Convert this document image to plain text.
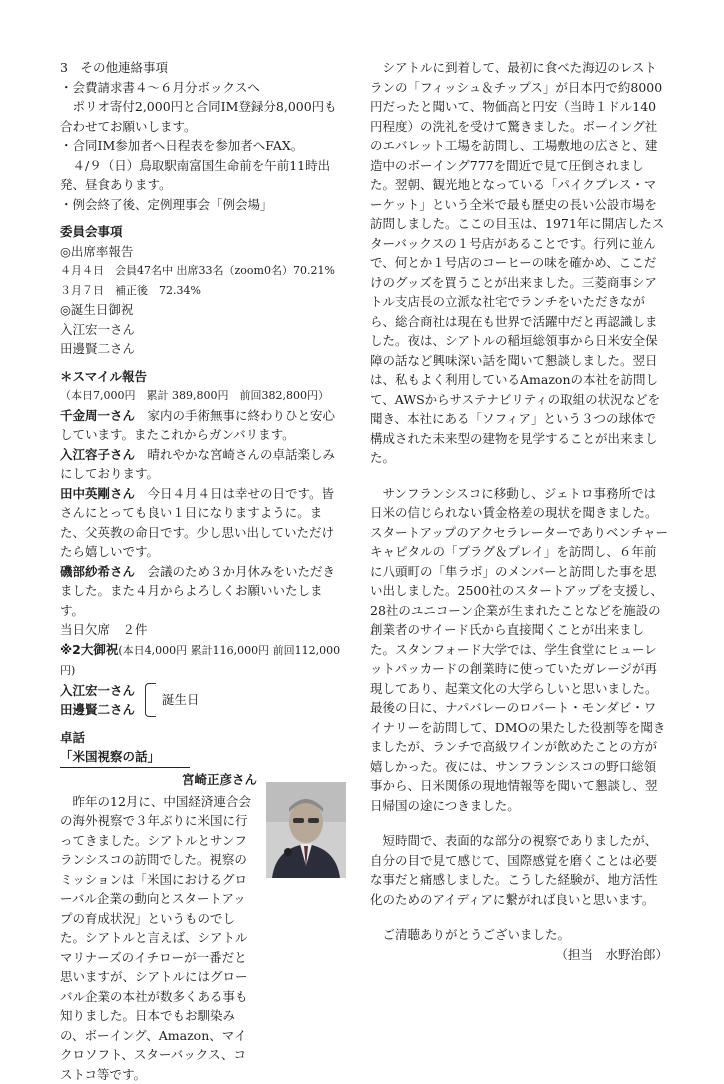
3　その他連絡事項

・会費請求書４～６月分ボックスへ

ポリオ寄付2,000円と合同IM登録分8,000円も合わせてお願いします。

・合同IM参加者へ日程表を参加者へFAX。

４/９（日）鳥取駅南富国生命前を午前11時出発、昼食あります。

・例会終了後、定例理事会「例会場」

委員会事項

◎出席率報告

４月４日　会員47名中 出席33名（zoom0名）70.21%

３月７日　補正後　72.34%

◎誕生日御祝

入江宏一さん

田邊賢二さん

＊スマイル報告

（本日7,000円　累計 389,800円　前回382,800円）

千金周一さん　家内の手術無事に終わりひと安心しています。またこれからガンバリます。

入江容子さん　晴れやかな宮崎さんの卓話楽しみにしております。

田中英剛さん　今日４月４日は幸せの日です。皆さんにとっても良い１日になりますように。また、父英教の命日です。少し思い出していただけたら嬉しいです。

磯部紗希さん　会議のため３か月休みをいただきました。また４月からよろしくお願いいたします。

当日欠席　２件

※2大御祝(本日4,000円 累計116,000円 前回112,000円)

入江宏一さん

田邊賢二さん

誕生日

卓話

「米国視察の話」

宮崎正彦さん

昨年の12月に、中国経済連合会の海外視察で３年ぶりに米国に行ってきました。シアトルとサンフランシスコの訪問でした。視察のミッションは「米国におけるグローバル企業の動向とスタートアップの育成状況」というものでした。シアトルと言えば、シアトルマリナーズのイチローが一番だと思いますが、シアトルにはグローバル企業の本社が数多くある事も知りました。日本でもお馴染みの、ボーイング、Amazon、マイクロソフト、スターバックス、コストコ等です。

シアトルに到着して、最初に食べた海辺のレストランの「フィッシュ＆チップス」が日本円で約8000円だったと聞いて、物価高と円安（当時１ドル140円程度）の洗礼を受けて驚きました。ボーイング社のエバレット工場を訪問し、工場敷地の広さと、建造中のボーイング777を間近で見て圧倒されました。翌朝、観光地となっている「パイクプレス・マーケット」という全米で最も歴史の長い公設市場を訪問しました。ここの目玉は、1971年に開店したスターバックスの１号店があることです。行列に並んで、何とか１号店のコーヒーの味を確かめ、ここだけのグッズを買うことが出来ました。三菱商事シアトル支店長の立派な社宅でランチをいただきながら、総合商社は現在も世界で活躍中だと再認識しました。夜は、シアトルの稲垣総領事から日米安全保障の話など興味深い話を聞いて懇談しました。翌日は、私もよく利用しているAmazonの本社を訪問して、AWSからサステナビリティの取組の状況などを聞き、本社にある「ソフィア」という３つの球体で構成された未来型の建物を見学することが出来ました。

サンフランシスコに移動し、ジェトロ事務所では日米の信じられない賃金格差の現状を聞きました。スタートアップのアクセラレーターでありベンチャーキャピタルの「プラグ＆プレイ」を訪問し、６年前に八頭町の「隼ラボ」のメンバーと訪問した事を思い出しました。2500社のスタートアップを支援し、28社のユニコーン企業が生まれたことなどを施設の創業者のサイード氏から直接聞くことが出来ました。スタンフォード大学では、学生食堂にヒューレットパッカードの創業時に使っていたガレージが再現してあり、起業文化の大学らしいと思いました。最後の日に、ナパバレーのロバート・モンダビ・ワイナリーを訪問して、DMOの果たした役割等を聞きましたが、ランチで高級ワインが飲めたことの方が嬉しかった。夜には、サンフランシスコの野口総領事から、日米関係の現地情報等を聞いて懇談し、翌日帰国の途につきました。

短時間で、表面的な部分の視察でありましたが、自分の目で見て感じて、国際感覚を磨くことは必要な事だと痛感しました。こうした経験が、地方活性化のためのアイディアに繋がれば良いと思います。

ご清聴ありがとうございました。

（担当　水野治郎）
